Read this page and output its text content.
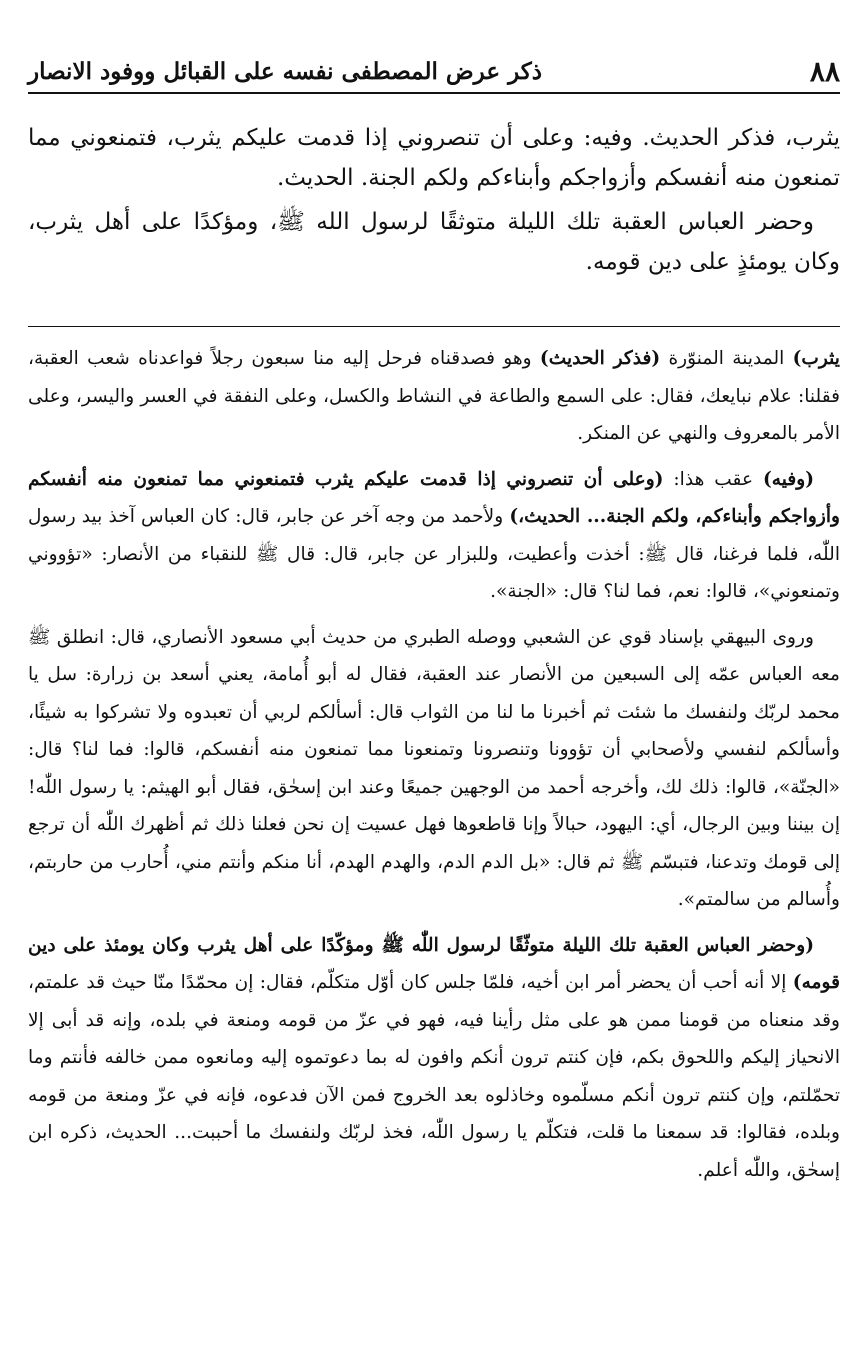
٨٨
ذكر عرض المصطفى نفسه على القبائل ووفود الانصار

يثرب، فذكر الحديث. وفيه: وعلى أن تنصروني إذا قدمت عليكم يثرب، فتمنعوني مما تمنعون منه أنفسكم وأزواجكم وأبناءكم ولكم الجنة. الحديث.

وحضر العباس العقبة تلك الليلة متوثقًا لرسول الله ﷺ، ومؤكدًا على أهل يثرب، وكان يومئذٍ على دين قومه.

يثرب) المدينة المنوّرة (فذكر الحديث) وهو فصدقناه فرحل إليه منا سبعون رجلاً فواعدناه شعب العقبة، فقلنا: علام نبايعك، فقال: على السمع والطاعة في النشاط والكسل، وعلى النفقة في العسر واليسر، وعلى الأمر بالمعروف والنهي عن المنكر.

(وفيه) عقب هذا: (وعلى أن تنصروني إذا قدمت عليكم يثرب فتمنعوني مما تمنعون منه أنفسكم وأزواجكم وأبناءكم، ولكم الجنة... الحديث،) ولأحمد من وجه آخر عن جابر، قال: كان العباس آخذ بيد رسول اللّٰه، فلما فرغنا، قال ﷺ: أخذت وأعطيت، وللبزار عن جابر، قال: قال ﷺ للنقباء من الأنصار: «تؤووني وتمنعوني»، قالوا: نعم، فما لنا؟ قال: «الجنة».

وروى البيهقي بإسناد قوي عن الشعبي ووصله الطبري من حديث أبي مسعود الأنصاري، قال: انطلق ﷺ معه العباس عمّه إلى السبعين من الأنصار عند العقبة، فقال له أبو أُمامة، يعني أسعد بن زرارة: سل يا محمد لربّك ولنفسك ما شئت ثم أخبرنا ما لنا من الثواب قال: أسألكم لربي أن تعبدوه ولا تشركوا به شيئًا، وأسألكم لنفسي ولأصحابي أن تؤوونا وتنصرونا وتمنعونا مما تمنعون منه أنفسكم، قالوا: فما لنا؟ قال: «الجنّة»، قالوا: ذلك لك، وأخرجه أحمد من الوجهين جميعًا وعند ابن إسحٰق، فقال أبو الهيثم: يا رسول اللّٰه! إن بيننا وبين الرجال، أي: اليهود، حبالاً وإنا قاطعوها فهل عسيت إن نحن فعلنا ذلك ثم أظهرك اللّٰه أن ترجع إلى قومك وتدعنا، فتبسّم ﷺ ثم قال: «بل الدم الدم، والهدم الهدم، أنا منكم وأنتم مني، أُحارب من حاربتم، وأُسالم من سالمتم».

(وحضر العباس العقبة تلك الليلة متوثّقًا لرسول اللّٰه ﷺ ومؤكّدًا على أهل يثرب وكان يومئذ على دين قومه) إلا أنه أحب أن يحضر أمر ابن أخيه، فلمّا جلس كان أوّل متكلّم، فقال: إن محمّدًا منّا حيث قد علمتم، وقد منعناه من قومنا ممن هو على مثل رأينا فيه، فهو في عزّ من قومه ومنعة في بلده، وإنه قد أبى إلا الانحياز إليكم واللحوق بكم، فإن كنتم ترون أنكم وافون له بما دعوتموه إليه ومانعوه ممن خالفه فأنتم وما تحمّلتم، وإن كنتم ترون أنكم مسلّموه وخاذلوه بعد الخروج فمن الآن فدعوه، فإنه في عزّ ومنعة من قومه وبلده، فقالوا: قد سمعنا ما قلت، فتكلّم يا رسول اللّٰه، فخذ لربّك ولنفسك ما أحببت... الحديث، ذكره ابن إسحٰق، واللّٰه أعلم.
